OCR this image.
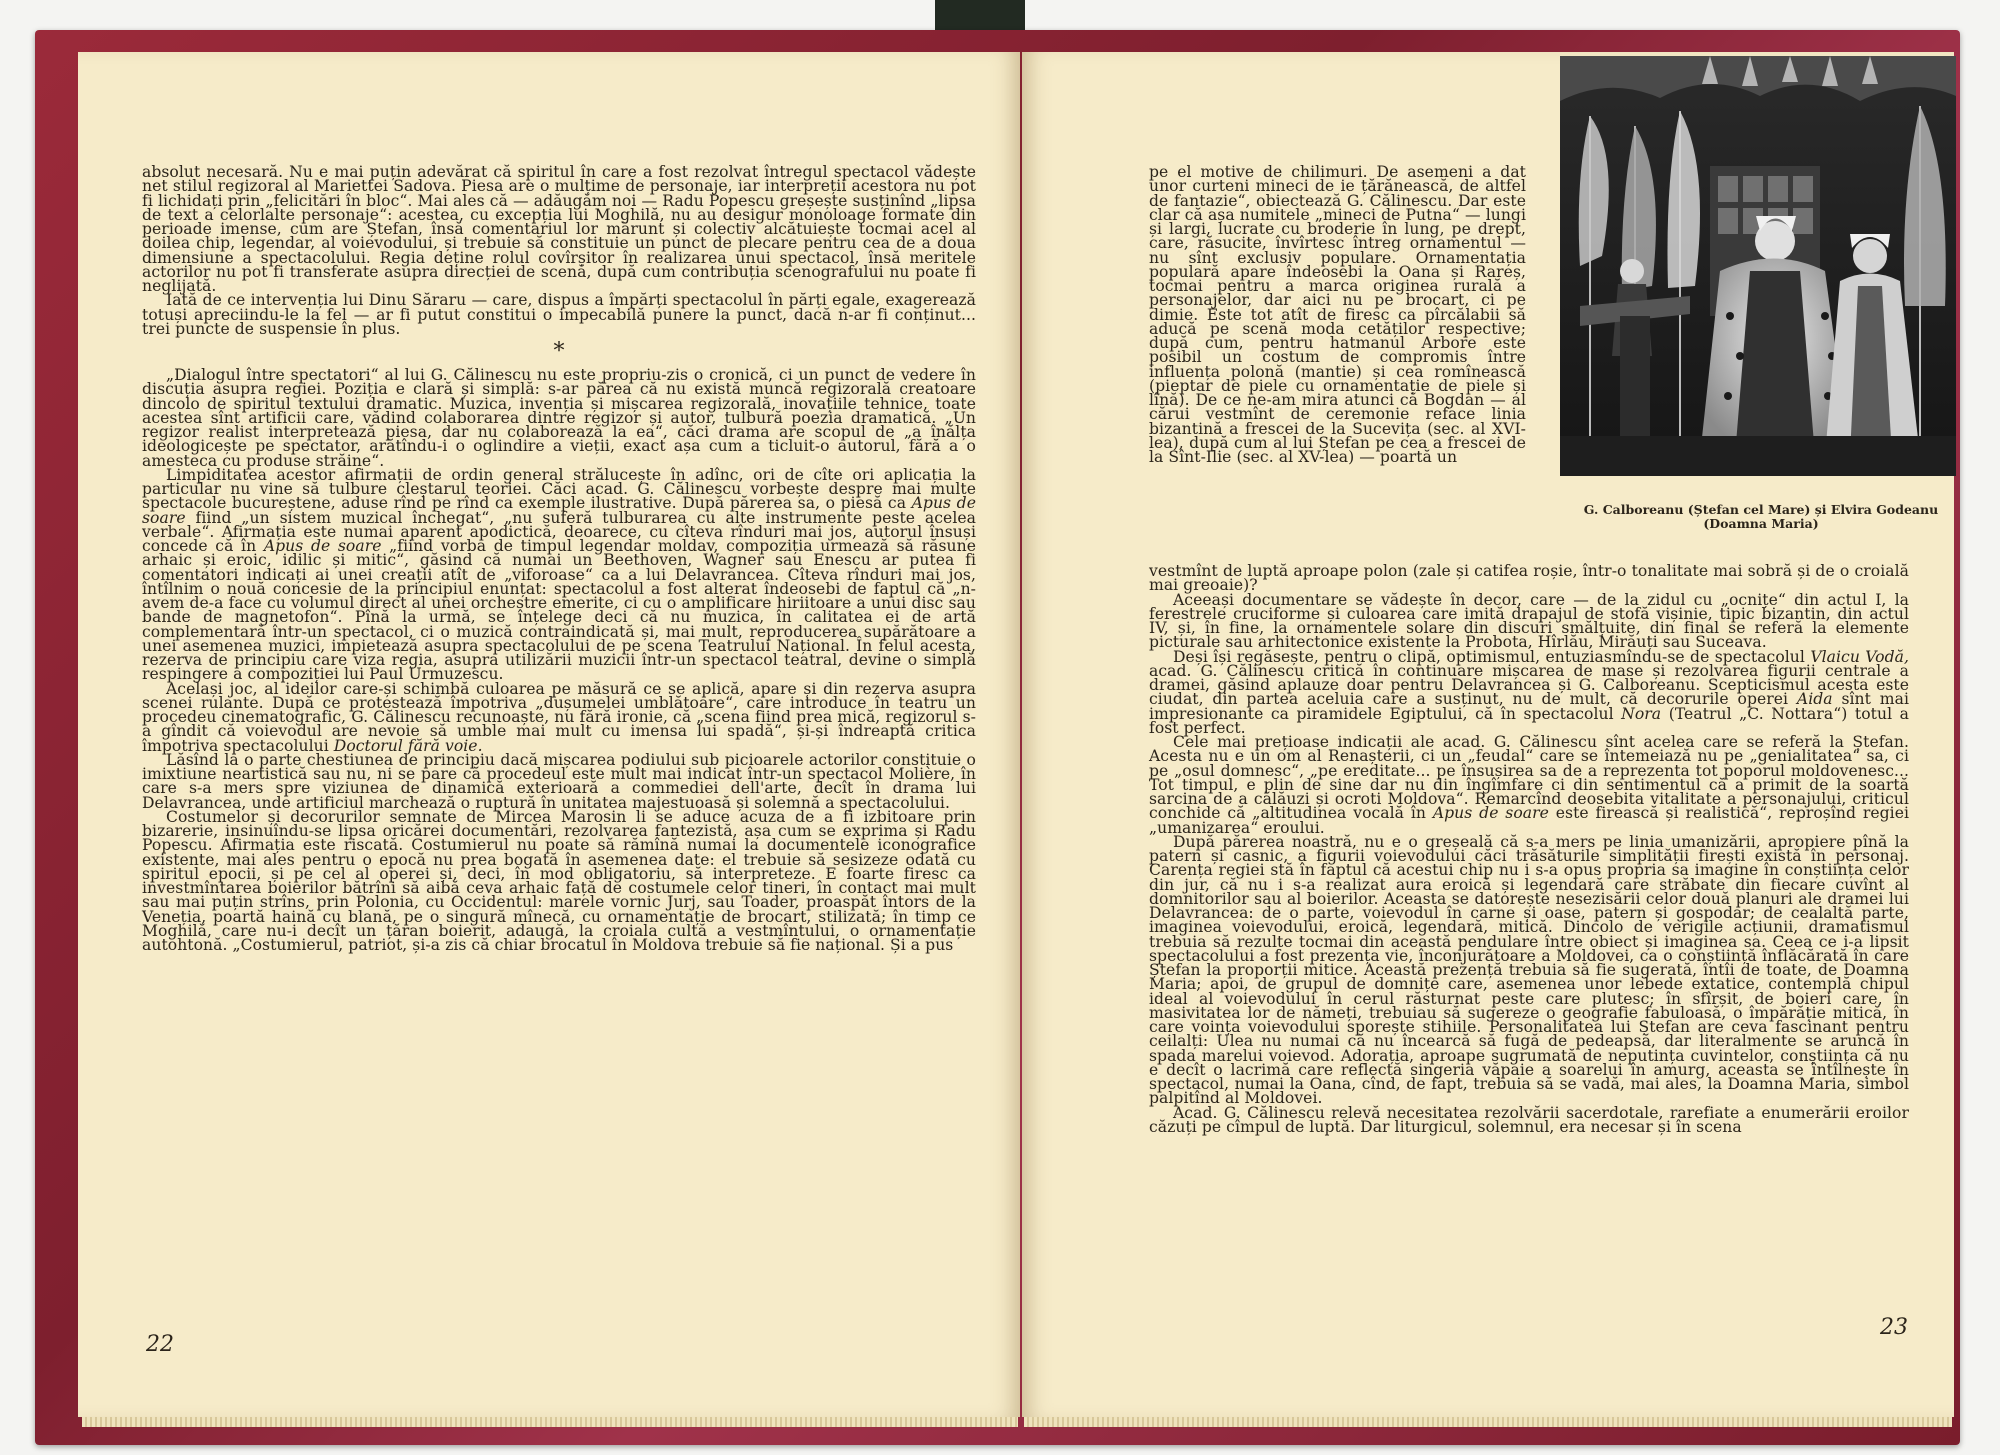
absolut necesară. Nu e mai puțin adevărat că spiritul în care a fost rezolvat întregul spectacol vădește net stilul regizoral al Mariettei Sadova. Piesa are o mulțime de personaje, iar interpreții acestora nu pot fi lichidați prin „felicitări în bloc“. Mai ales că — adăugăm noi — Radu Popescu greșește susținînd „lipsa de text a celorlalte personaje“: acestea, cu excepția lui Moghilă, nu au desigur monoloage formate din perioade imense, cum are Ștefan, însă comentariul lor mărunt și colectiv alcătuiește tocmai acel al doilea chip, legendar, al voievodului, și trebuie să constituie un punct de plecare pentru cea de a doua dimensiune a spectacolului. Regia deține rolul covîrșitor în realizarea unui spectacol, însă meritele actorilor nu pot fi transferate asupra direcției de scenă, după cum contribuția scenografului nu poate fi neglijată.

Iată de ce intervenția lui Dinu Săraru — care, dispus a împărți spectacolul în părți egale, exagerează totuși apreciindu-le la fel — ar fi putut constitui o impecabilă punere la punct, dacă n-ar fi conținut... trei puncte de suspensie în plus.

*

„Dialogul între spectatori“ al lui G. Călinescu nu este propriu-zis o cronică, ci un punct de vedere în discuția asupra regiei. Poziția e clară și simplă: s-ar părea că nu există muncă regizorală creatoare dincolo de spiritul textului dramatic. Muzica, invenția și mișcarea regizorală, inovațiile tehnice, toate acestea sînt artificii care, vădind colaborarea dintre regizor și autor, tulbură poezia dramatică. „Un regizor realist interpretează piesa, dar nu colaborează la ea“, căci drama are scopul de „a înălța ideologicește pe spectator, arătîndu-i o oglindire a vieții, exact așa cum a ticluit-o autorul, fără a o amesteca cu produse străine“.

Limpiditatea acestor afirmații de ordin general strălucește în adînc, ori de cîte ori aplicația la particular nu vine să tulbure cleștarul teoriei. Căci acad. G. Călinescu vorbește despre mai multe spectacole bucureștene, aduse rînd pe rînd ca exemple ilustrative. După părerea sa, o piesă ca Apus de soare fiind „un sistem muzical închegat“, „nu suferă tulburarea cu alte instrumente peste acelea verbale“. Afirmația este numai aparent apodictică, deoarece, cu cîteva rînduri mai jos, autorul însuși concede că în Apus de soare „fiind vorba de timpul legendar moldav, compoziția urmează să răsune arhaic și eroic, idilic și mitic“, găsind că numai un Beethoven, Wagner sau Enescu ar putea fi comentatori indicați ai unei creații atît de „viforoase“ ca a lui Delavrancea. Cîteva rînduri mai jos, întîlnim o nouă concesie de la principiul enunțat: spectacolul a fost alterat îndeosebi de faptul că „n-avem de-a face cu volumul direct al unei orchestre emerite, ci cu o amplificare hiriitoare a unui disc sau bande de magnetofon“. Pînă la urmă, se înțelege deci că nu muzica, în calitatea ei de artă complementară într-un spectacol, ci o muzică contraindicată și, mai mult, reproducerea supărătoare a unei asemenea muzici, impietează asupra spectacolului de pe scena Teatrului Național. În felul acesta, rezerva de principiu care viza regia, asupra utilizării muzicii într-un spectacol teatral, devine o simplă respingere a compoziției lui Paul Urmuzescu.

Același joc, al ideilor care-și schimbă culoarea pe măsură ce se aplică, apare și din rezerva asupra scenei rulante. După ce protestează împotriva „dușumelei umblătoare“, care introduce în teatru un procedeu cinematografic, G. Călinescu recunoaște, nu fără ironie, că „scena fiind prea mică, regizorul s-a gîndit că voievodul are nevoie să umble mai mult cu imensa lui spadă“, și-și îndreaptă critica împotriva spectacolului Doctorul fără voie.

Lăsînd la o parte chestiunea de principiu dacă mișcarea podiului sub picioarele actorilor constituie o imixtiune neartistică sau nu, ni se pare că procedeul este mult mai indicat într-un spectacol Molière, în care s-a mers spre viziunea de dinamică exterioară a commediei dell'arte, decît în drama lui Delavrancea, unde artificiul marchează o ruptură în unitatea majestuoasă și solemnă a spectacolului.

Costumelor și decorurilor semnate de Mircea Marosin li se aduce acuza de a fi izbitoare prin bizarerie, insinuîndu-se lipsa oricărei documentări, rezolvarea fantezistă, așa cum se exprima și Radu Popescu. Afirmația este riscată. Costumierul nu poate să rămînă numai la documentele iconografice existente, mai ales pentru o epocă nu prea bogată în asemenea date: el trebuie să sesizeze odată cu spiritul epocii, și pe cel al operei și, deci, în mod obligatoriu, să interpreteze. E foarte firesc ca investmîntarea boierilor bătrîni să aibă ceva arhaic față de costumele celor tineri, în contact mai mult sau mai puțin strîns, prin Polonia, cu Occidentul: marele vornic Jurj, sau Toader, proaspăt întors de la Veneția, poartă haină cu blană, pe o singură mînecă, cu ornamentație de brocart, stilizată; în timp ce Moghilă, care nu-i decît un țăran boierit, adaugă, la croiala cultă a vestmîntului, o ornamentație autohtonă. „Costumierul, patriot, și-a zis că chiar brocatul în Moldova trebuie să fie național. Și a pus

22

pe el motive de chilimuri. De asemeni a dat unor curteni mineci de ie țărănească, de altfel de fantazie“, obiectează G. Călinescu. Dar este clar că așa numitele „mineci de Putna“ — lungi și largi, lucrate cu broderie în lung, pe drept, care, răsucite, învîrtesc întreg ornamentul — nu sînt exclusiv populare. Ornamentația populară apare îndeosebi la Oana și Rareș, tocmai pentru a marca originea rurală a personajelor, dar aici nu pe brocart, ci pe dimie. Este tot atît de firesc ca pîrcălabii să aducă pe scenă moda cetăților respective; după cum, pentru hatmanul Arbore este posibil un costum de compromis între influența polonă (mantie) și cea romînească (pieptar de piele cu ornamentație de piele și lînă). De ce ne-am mira atunci că Bogdan — al cărui vestmînt de ceremonie reface linia bizantină a frescei de la Sucevița (sec. al XVI-lea), după cum al lui Ștefan pe cea a frescei de la Sînt-Ilie (sec. al XV-lea) — poartă un

vestmînt de luptă aproape polon (zale și catifea roșie, într-o tonalitate mai sobră și de o croială mai greoaie)?

Aceeași documentare se vădește în decor, care — de la zidul cu „ocnițe“ din actul I, la ferestrele cruciforme și culoarea care imită drapajul de stofă vișinie, tipic bizantin, din actul IV, și, în fine, la ornamentele solare din discuri smălțuite, din final se referă la elemente picturale sau arhitectonice existente la Probota, Hîrlău, Mirăuți sau Suceava.

Deși își regăsește, pentru o clipă, optimismul, entuziasmîndu-se de spectacolul Vlaicu Vodă, acad. G. Călinescu critică în continuare mișcarea de mase și rezolvarea figurii centrale a dramei, găsind aplauze doar pentru Delavrancea și G. Calboreanu. Scepticismul acesta este ciudat, din partea aceluia care a susținut, nu de mult, că decorurile operei Aida sînt mai impresionante ca piramidele Egiptului, că în spectacolul Nora (Teatrul „C. Nottara“) totul a fost perfect.

Cele mai prețioase indicații ale acad. G. Călinescu sînt acelea care se referă la Ștefan. Acesta nu e un om al Renașterii, ci un „feudal“ care se întemeiază nu pe „genialitatea“ sa, ci pe „osul domnesc“, „pe ereditate... pe însușirea sa de a reprezenta tot poporul moldovenesc... Tot timpul, e plin de sine dar nu din îngîmfare ci din sentimentul că a primit de la soartă sarcina de a călăuzi și ocroti Moldova“. Remarcînd deosebita vitalitate a personajului, criticul conchide că „altitudinea vocală în Apus de soare este firească și realistică“, reproșînd regiei „umanizarea“ eroului.

După părerea noastră, nu e o greșeală că s-a mers pe linia umanizării, apropiere pînă la patern și casnic, a figurii voievodului căci trăsăturile simplității firești există în personaj. Carența regiei stă în faptul că acestui chip nu i s-a opus propria sa imagine în conștiința celor din jur, că nu i s-a realizat aura eroică și legendară care străbate din fiecare cuvînt al domnitorilor sau al boierilor. Aceasta se datorește nesezisării celor două planuri ale dramei lui Delavrancea: de o parte, voievodul în carne și oase, patern și gospodar; de cealaltă parte, imaginea voievodului, eroică, legendară, mitică. Dincolo de verigile acțiunii, dramatismul trebuia să rezulte tocmai din această pendulare între obiect și imaginea sa. Ceea ce i-a lipsit spectacolului a fost prezența vie, înconjurătoare a Moldovei, ca o conștiință înflăcărată în care Ștefan la proporții mitice. Această prezență trebuia să fie sugerată, întîi de toate, de Doamna Maria; apoi, de grupul de domnițe care, asemenea unor lebede extatice, contemplă chipul ideal al voievodului în cerul răsturnat peste care plutesc; în sfîrșit, de boieri care, în masivitatea lor de nămeți, trebuiau să sugereze o geografie fabuloasă, o împărăție mitică, în care voința voievodului sporește stihiile. Personalitatea lui Ștefan are ceva fascinant pentru ceilalți: Ulea nu numai că nu încearcă să fugă de pedeapsă, dar literalmente se aruncă în spada marelui voievod. Adorația, aproape sugrumată de neputința cuvintelor, conștiința că nu e decît o lacrimă care reflectă singeria văpaie a soarelui în amurg, aceasta se întîlnește în spectacol, numai la Oana, cînd, de fapt, trebuia să se vadă, mai ales, la Doamna Maria, simbol palpitînd al Moldovei.

Acad. G. Călinescu relevă necesitatea rezolvării sacerdotale, rarefiate a enumerării eroilor căzuți pe cîmpul de luptă. Dar liturgicul, solemnul, era necesar și în scena

23
G. Calboreanu (Ștefan cel Mare) și Elvira Godeanu (Doamna Maria)
